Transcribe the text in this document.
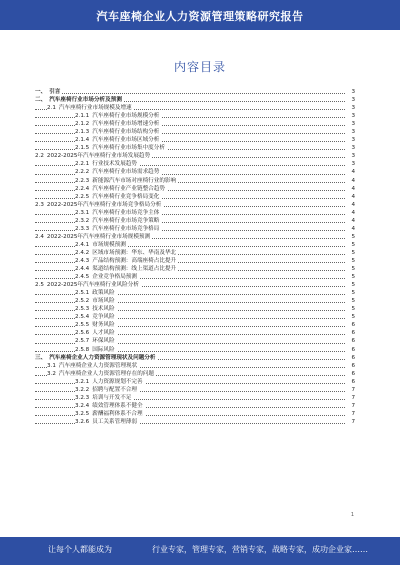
汽车座椅企业人力资源管理策略研究报告
内容目录
一、 引言	3
二、 汽车座椅行业市场分析及预测	3
2.1 汽车座椅行业市场规模及增速	3
2.1.1 汽车座椅行业市场规模分析	3
2.1.2 汽车座椅行业市场增速分析	3
2.1.3 汽车座椅行业市场结构分析	3
2.1.4 汽车座椅行业市场区域分析	3
2.1.5 汽车座椅行业市场集中度分析	3
2.2 2022-2025年汽车座椅行业市场发展趋势	3
2.2.1 行业技术发展趋势	3
2.2.2 汽车座椅行业市场需求趋势	4
2.2.3 新能源汽车市场对座椅行业的影响	4
2.2.4 汽车座椅行业产业链整合趋势	4
2.2.5 汽车座椅行业竞争格局变化	4
2.3 2022-2025年汽车座椅行业市场竞争格局分析	4
2.3.1 汽车座椅行业市场竞争主体	4
2.3.2 汽车座椅行业市场竞争策略	4
2.3.3 汽车座椅行业市场竞争格局	4
2.4 2022-2025年汽车座椅行业市场规模预测	5
2.4.1 市场规模预测	5
2.4.2 区域市场预测：华东、华南及华北	5
2.4.3 产品结构预测：高端座椅占比提升	5
2.4.4 渠道结构预测：线上渠道占比提升	5
2.4.5 企业竞争格局预测	5
2.5 2022-2025年汽车座椅行业风险分析	5
2.5.1 政策风险	5
2.5.2 市场风险	5
2.5.3 技术风险	5
2.5.4 竞争风险	5
2.5.5 财务风险	6
2.5.6 人才风险	6
2.5.7 环保风险	6
2.5.8 国际风险	6
三、 汽车座椅企业人力资源管理现状及问题分析	6
3.1 汽车座椅企业人力资源管理现状	6
3.2 汽车座椅企业人力资源管理存在的问题	6
3.2.1 人力资源规划不完善	6
3.2.2 招聘与配置不合理	7
3.2.3 培训与开发不足	7
3.2.4 绩效管理体系不健全	7
3.2.5 薪酬福利体系不合理	7
3.2.6 员工关系管理薄弱	7
1
让每个人都能成为	行业专家，管理专家，营销专家，战略专家，成功企业家……
